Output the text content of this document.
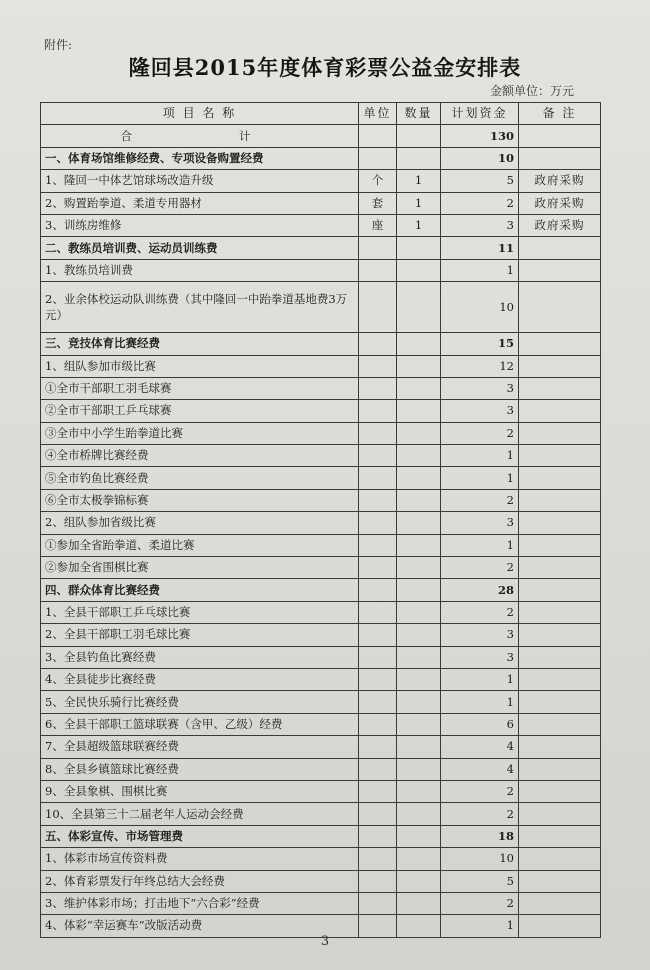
附件:
隆回县2015年度体育彩票公益金安排表
金额单位：万元
项 目 名 称	单位	数量	计划资金	备 注
合　　计			130	
一、体育场馆维修经费、专项设备购置经费			10	
1、隆回一中体艺馆球场改造升级	个	1	5	政府采购
2、购置跆拳道、柔道专用器材	套	1	2	政府采购
3、训练房维修	座	1	3	政府采购
二、教练员培训费、运动员训练费			11	
1、教练员培训费			1	
2、业余体校运动队训练费（其中隆回一中跆拳道基地费3万元）			10	
三、竞技体育比赛经费			15	
1、组队参加市级比赛			12	
①全市干部职工羽毛球赛			3	
②全市干部职工乒乓球赛			3	
③全市中小学生跆拳道比赛			2	
④全市桥牌比赛经费			1	
⑤全市钓鱼比赛经费			1	
⑥全市太极拳锦标赛			2	
2、组队参加省级比赛			3	
①参加全省跆拳道、柔道比赛			1	
②参加全省围棋比赛			2	
四、群众体育比赛经费			28	
1、全县干部职工乒乓球比赛			2	
2、全县干部职工羽毛球比赛			3	
3、全县钓鱼比赛经费			3	
4、全县徒步比赛经费			1	
5、全民快乐骑行比赛经费			1	
6、全县干部职工篮球联赛（含甲、乙级）经费			6	
7、全县超级篮球联赛经费			4	
8、全县乡镇篮球比赛经费			4	
9、全县象棋、围棋比赛			2	
10、全县第三十二届老年人运动会经费			2	
五、体彩宣传、市场管理费			18	
1、体彩市场宣传资料费			10	
2、体育彩票发行年终总结大会经费			5	
3、维护体彩市场；打击地下“六合彩”经费			2	
4、体彩“幸运赛车”改版活动费			1	
3
